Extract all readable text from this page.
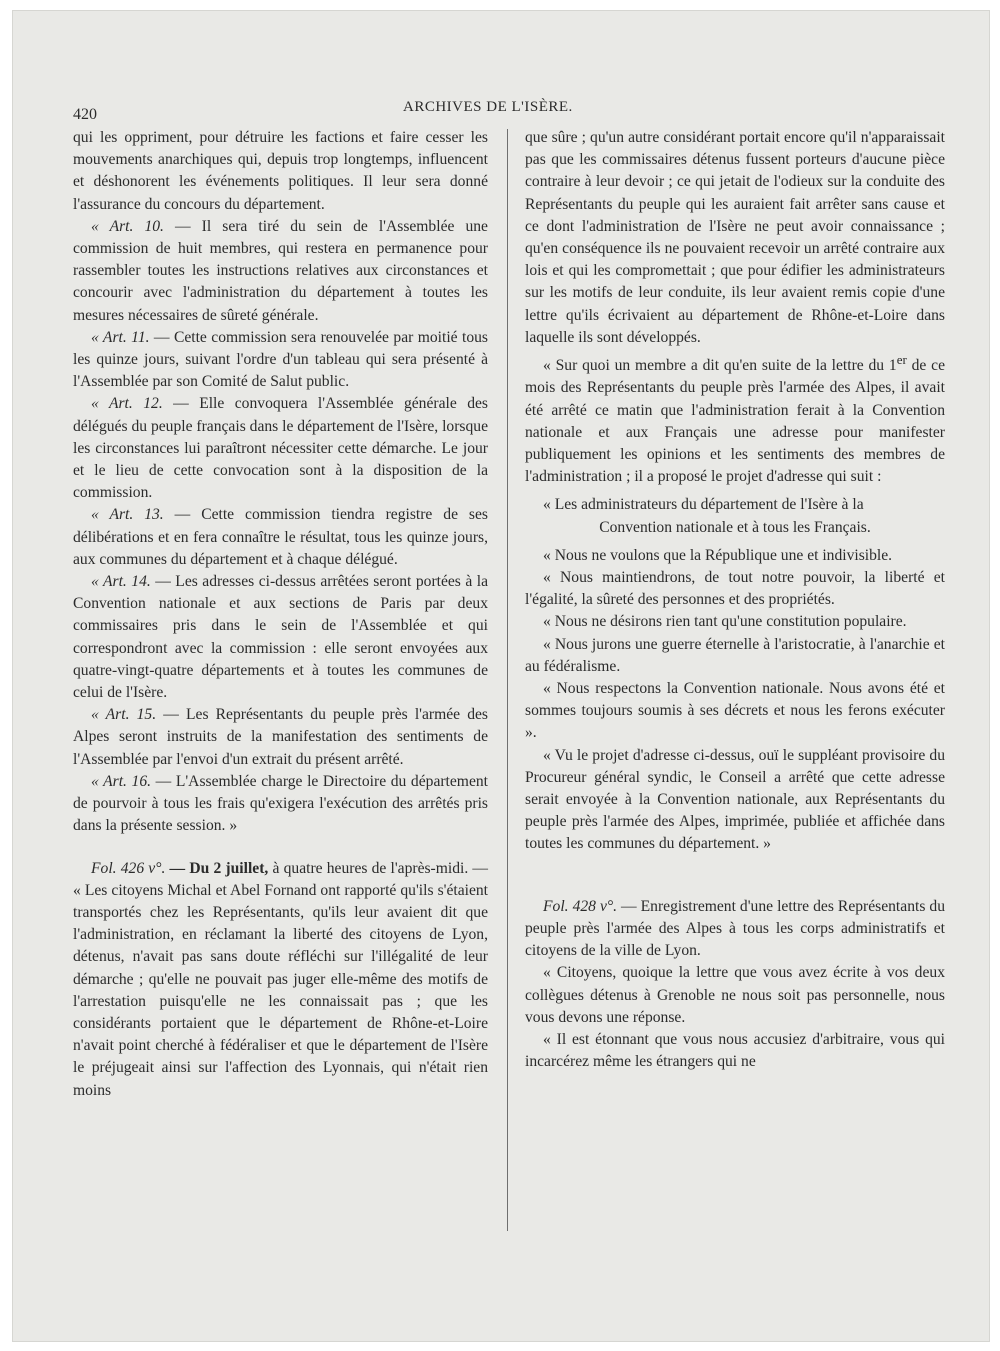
420	ARCHIVES DE L'ISÈRE.

qui les oppriment, pour détruire les factions et faire cesser les mouvements anarchiques qui, depuis trop longtemps, influencent et déshonorent les événements politiques. Il leur sera donné l'assurance du concours du département.

« Art. 10. — Il sera tiré du sein de l'Assemblée une commission de huit membres, qui restera en permanence pour rassembler toutes les instructions relatives aux circonstances et concourir avec l'administration du département à toutes les mesures nécessaires de sûreté générale.

« Art. 11. — Cette commission sera renouvelée par moitié tous les quinze jours, suivant l'ordre d'un tableau qui sera présenté à l'Assemblée par son Comité de Salut public.

« Art. 12. — Elle convoquera l'Assemblée générale des délégués du peuple français dans le département de l'Isère, lorsque les circonstances lui paraîtront nécessiter cette démarche. Le jour et le lieu de cette convocation sont à la disposition de la commission.

« Art. 13. — Cette commission tiendra registre de ses délibérations et en fera connaître le résultat, tous les quinze jours, aux communes du département et à chaque délégué.

« Art. 14. — Les adresses ci-dessus arrêtées seront portées à la Convention nationale et aux sections de Paris par deux commissaires pris dans le sein de l'Assemblée et qui correspondront avec la commission : elle seront envoyées aux quatre-vingt-quatre départements et à toutes les communes de celui de l'Isère.

« Art. 15. — Les Représentants du peuple près l'armée des Alpes seront instruits de la manifestation des sentiments de l'Assemblée par l'envoi d'un extrait du présent arrêté.

« Art. 16. — L'Assemblée charge le Directoire du département de pourvoir à tous les frais qu'exigera l'exécution des arrêtés pris dans la présente session. »

Fol. 426 v°. — Du 2 juillet, à quatre heures de l'après-midi. — « Les citoyens Michal et Abel Fornand ont rapporté qu'ils s'étaient transportés chez les Représentants, qu'ils leur avaient dit que l'administration, en réclamant la liberté des citoyens de Lyon, détenus, n'avait pas sans doute réfléchi sur l'illégalité de leur démarche ; qu'elle ne pouvait pas juger elle-même des motifs de l'arrestation puisqu'elle ne les connaissait pas ; que les considérants portaient que le département de Rhône-et-Loire n'avait point cherché à fédéraliser et que le département de l'Isère le préjugeait ainsi sur l'affection des Lyonnais, qui n'était rien moins

que sûre ; qu'un autre considérant portait encore qu'il n'apparaissait pas que les commissaires détenus fussent porteurs d'aucune pièce contraire à leur devoir ; ce qui jetait de l'odieux sur la conduite des Représentants du peuple qui les auraient fait arrêter sans cause et ce dont l'administration de l'Isère ne peut avoir connaissance ; qu'en conséquence ils ne pouvaient recevoir un arrêté contraire aux lois et qui les compromettait ; que pour édifier les administrateurs sur les motifs de leur conduite, ils leur avaient remis copie d'une lettre qu'ils écrivaient au département de Rhône-et-Loire dans laquelle ils sont développés.

« Sur quoi un membre a dit qu'en suite de la lettre du 1er de ce mois des Représentants du peuple près l'armée des Alpes, il avait été arrêté ce matin que l'administration ferait à la Convention nationale et aux Français une adresse pour manifester publiquement les opinions et les sentiments des membres de l'administration ; il a proposé le projet d'adresse qui suit :

« Les administrateurs du département de l'Isère à la

Convention nationale et à tous les Français.

« Nous ne voulons que la République une et indivisible.

« Nous maintiendrons, de tout notre pouvoir, la liberté et l'égalité, la sûreté des personnes et des propriétés.

« Nous ne désirons rien tant qu'une constitution populaire.

« Nous jurons une guerre éternelle à l'aristocratie, à l'anarchie et au fédéralisme.

« Nous respectons la Convention nationale. Nous avons été et sommes toujours soumis à ses décrets et nous les ferons exécuter ».

« Vu le projet d'adresse ci-dessus, ouï le suppléant provisoire du Procureur général syndic, le Conseil a arrêté que cette adresse serait envoyée à la Convention nationale, aux Représentants du peuple près l'armée des Alpes, imprimée, publiée et affichée dans toutes les communes du département. »

Fol. 428 v°. — Enregistrement d'une lettre des Représentants du peuple près l'armée des Alpes à tous les corps administratifs et citoyens de la ville de Lyon.

« Citoyens, quoique la lettre que vous avez écrite à vos deux collègues détenus à Grenoble ne nous soit pas personnelle, nous vous devons une réponse.

« Il est étonnant que vous nous accusiez d'arbitraire, vous qui incarcérez même les étrangers qui ne
